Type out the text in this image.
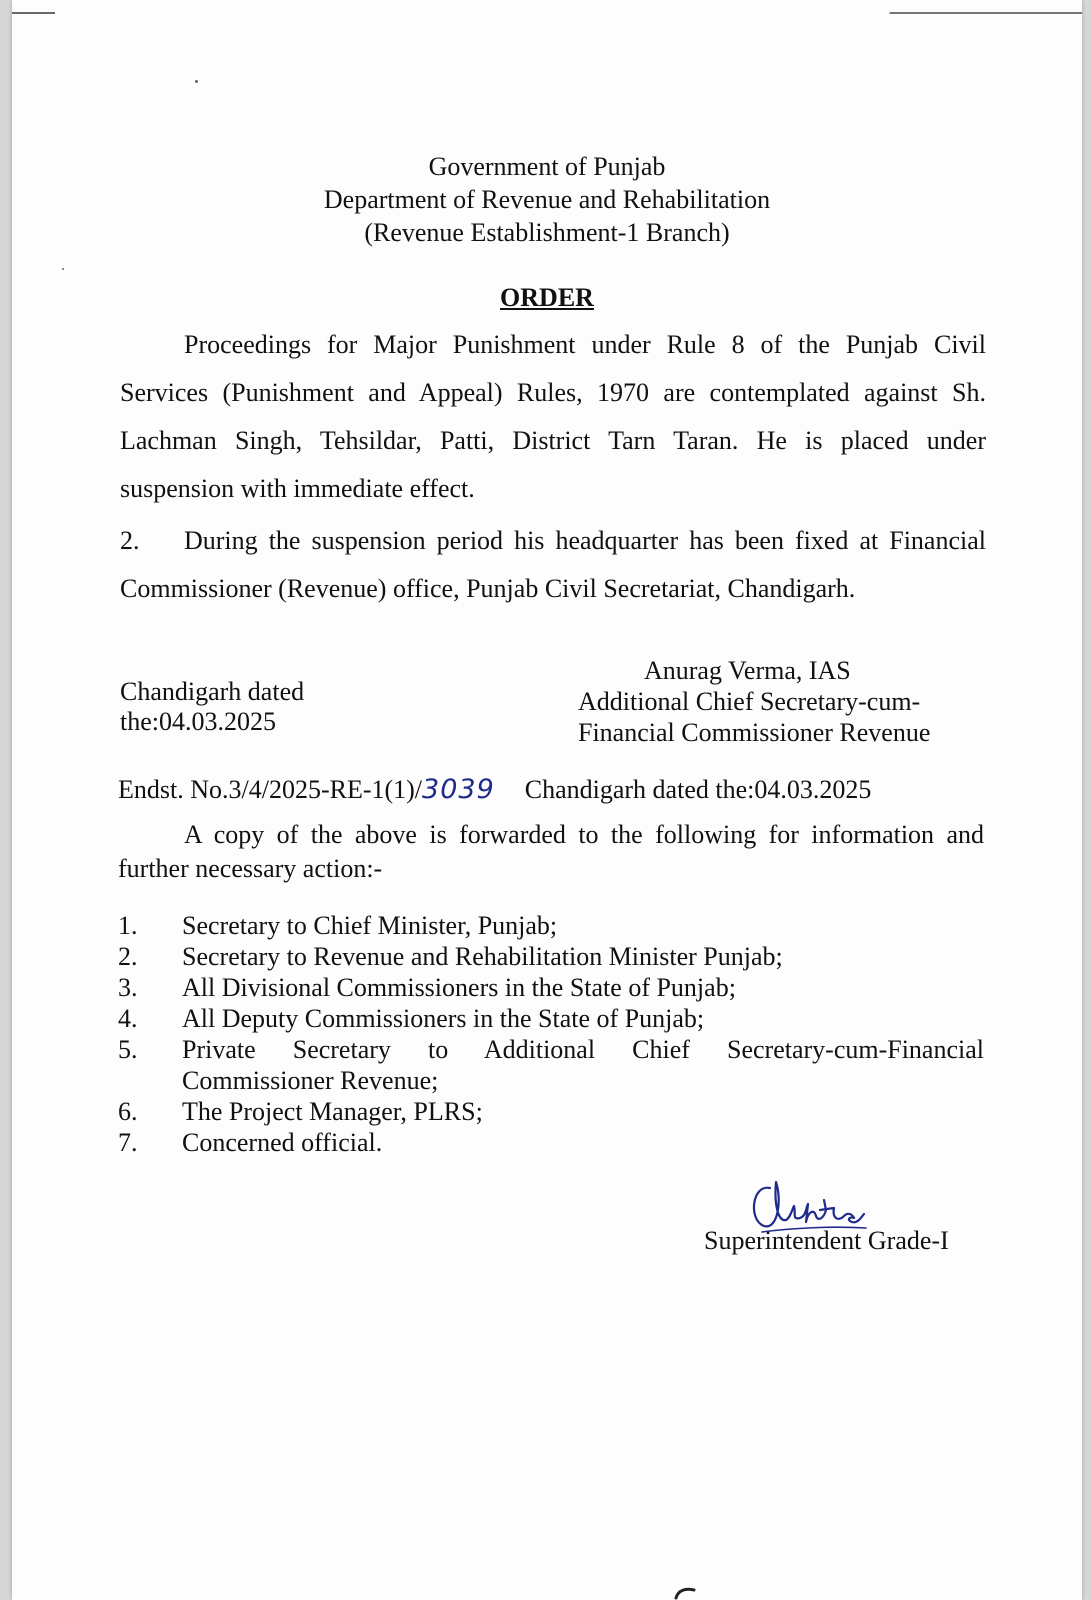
Government of Punjab
Department of Revenue and Rehabilitation
(Revenue Establishment-1 Branch)
ORDER
Proceedings for Major Punishment under Rule 8 of the Punjab Civil Services (Punishment and Appeal) Rules, 1970 are contemplated against Sh. Lachman Singh, Tehsildar, Patti, District Tarn Taran. He is placed under suspension with immediate effect.
2. During the suspension period his headquarter has been fixed at Financial Commissioner (Revenue) office, Punjab Civil Secretariat, Chandigarh.
Chandigarh dated
the:04.03.2025
Anurag Verma, IAS
Additional Chief Secretary-cum-
Financial Commissioner Revenue
Endst. No.3/4/2025-RE-1(1)/3039 Chandigarh dated the:04.03.2025
A copy of the above is forwarded to the following for information and further necessary action:-
1.	Secretary to Chief Minister, Punjab;
2.	Secretary to Revenue and Rehabilitation Minister Punjab;
3.	All Divisional Commissioners in the State of Punjab;
4.	All Deputy Commissioners in the State of Punjab;
5.	Private Secretary to Additional Chief Secretary-cum-Financial
Commissioner Revenue;
6.	The Project Manager, PLRS;
7.	Concerned official.
Superintendent Grade-I
